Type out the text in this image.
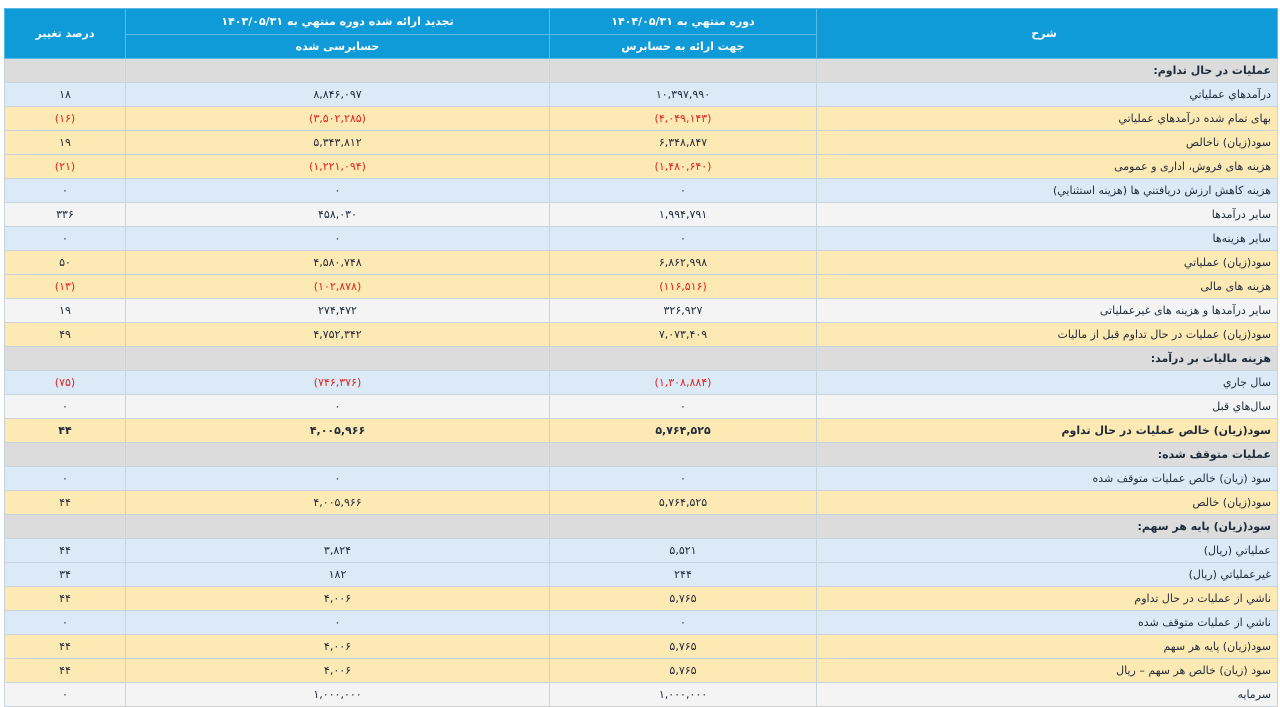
شرح	دوره منتهي به ۱۴۰۴/۰۵/۳۱	تجدید ارائه شده دوره منتهي به ۱۴۰۳/۰۵/۳۱	درصد تغییر
	جهت ارائه به حسابرس	حسابرسی شده	
عملیات در حال تداوم:			
درآمدهاي عملياتي	۱۰,۳۹۷,۹۹۰	۸,۸۴۶,۰۹۷	۱۸
بهاى تمام شده درآمدهاي عملياتي	(۴,۰۴۹,۱۴۳)	(۳,۵۰۲,۲۸۵)	(۱۶)
سود(زيان) ناخالص	۶,۳۴۸,۸۴۷	۵,۳۴۳,۸۱۲	۱۹
هزينه هاى فروش، ادارى و عمومى	(۱,۴۸۰,۶۴۰)	(۱,۲۲۱,۰۹۴)	(۲۱)
هزينه کاهش ارزش دريافتني ها (هزينه استثنايي)	۰	۰	۰
ساير درآمدها	۱,۹۹۴,۷۹۱	۴۵۸,۰۳۰	۳۳۶
ساير هزينه‌ها	۰	۰	۰
سود(زيان) عملياتي	۶,۸۶۲,۹۹۸	۴,۵۸۰,۷۴۸	۵۰
هزينه هاى مالى	(۱۱۶,۵۱۶)	(۱۰۲,۸۷۸)	(۱۳)
ساير درآمدها و هزينه هاى غيرعملياتى	۳۲۶,۹۲۷	۲۷۴,۴۷۲	۱۹
سود(زيان) عمليات در حال تداوم قبل از ماليات	۷,۰۷۳,۴۰۹	۴,۷۵۲,۳۴۲	۴۹
هزینه مالیات بر درآمد:			
سال جاري	(۱,۳۰۸,۸۸۴)	(۷۴۶,۳۷۶)	(۷۵)
سال‌هاي قبل	۰	۰	۰
سود(زيان) خالص عمليات در حال تداوم	۵,۷۶۴,۵۲۵	۴,۰۰۵,۹۶۶	۴۴
عملیات متوقف شده:			
سود (زيان) خالص عمليات متوقف شده	۰	۰	۰
سود(زيان) خالص	۵,۷۶۴,۵۲۵	۴,۰۰۵,۹۶۶	۴۴
سود(زیان) پایه هر سهم:			
عملياتي (ريال)	۵,۵۲۱	۳,۸۲۴	۴۴
غيرعملياتي (ريال)	۲۴۴	۱۸۲	۳۴
ناشي از عمليات در حال تداوم	۵,۷۶۵	۴,۰۰۶	۴۴
ناشي از عمليات متوقف شده	۰	۰	۰
سود(زيان) پايه هر سهم	۵,۷۶۵	۴,۰۰۶	۴۴
سود (زيان) خالص هر سهم – ريال	۵,۷۶۵	۴,۰۰۶	۴۴
سرمايه	۱,۰۰۰,۰۰۰	۱,۰۰۰,۰۰۰	۰
